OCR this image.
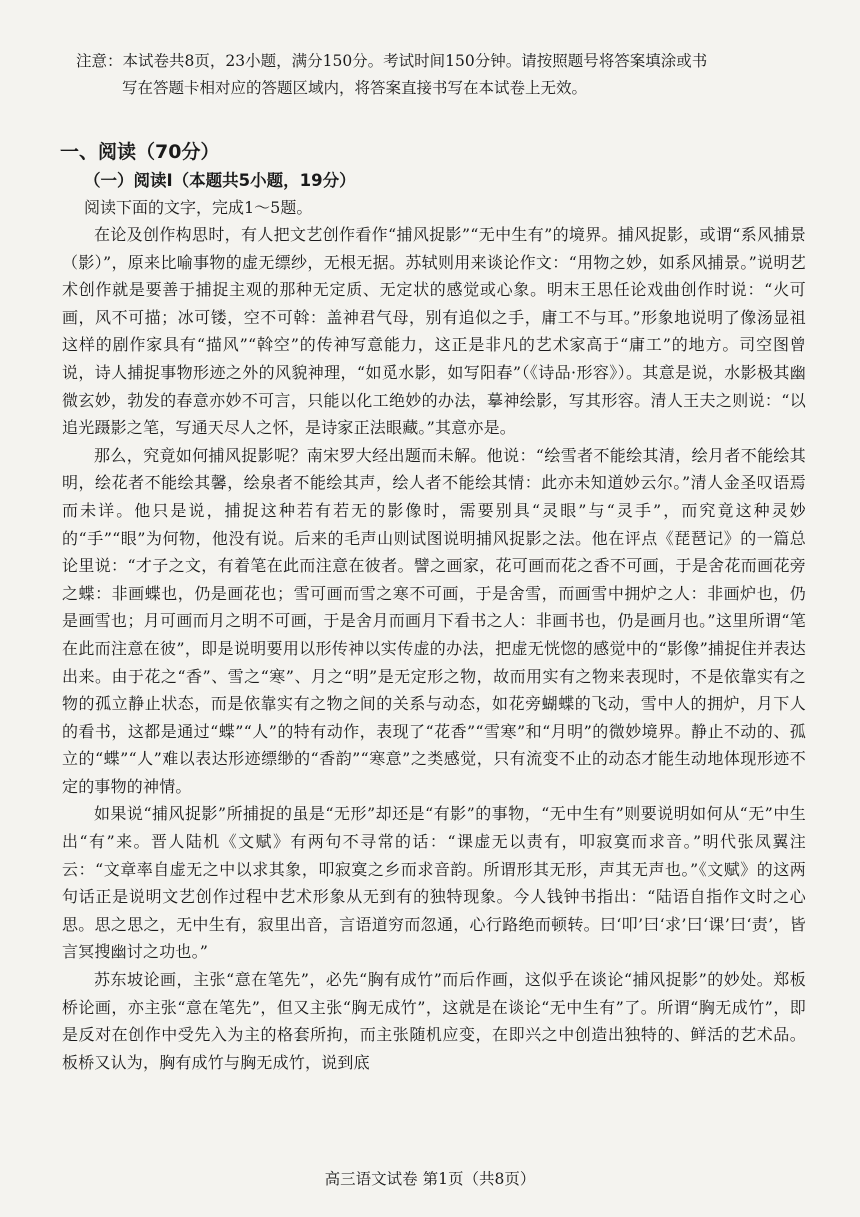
注意：本试卷共8页，23小题，满分150分。考试时间150分钟。请按照题号将答案填涂或书
写在答题卡相对应的答题区域内，将答案直接书写在本试卷上无效。
一、阅读（70分）
（一）阅读Ⅰ（本题共5小题，19分）

阅读下面的文字，完成1～5题。

在论及创作构思时，有人把文艺创作看作“捕风捉影”“无中生有”的境界。捕风捉影，或谓“系风捕景（影）”，原来比喻事物的虚无缥纱，无根无据。苏轼则用来谈论作文：“用物之妙，如系风捕景。”说明艺术创作就是要善于捕捉主观的那种无定质、无定状的感觉或心象。明末王思任论戏曲创作时说：“火可画，风不可描；冰可镂，空不可斡：盖神君气母，别有追似之手，庸工不与耳。”形象地说明了像汤显祖这样的剧作家具有“描风”“斡空”的传神写意能力，这正是非凡的艺术家高于“庸工”的地方。司空图曾说，诗人捕捉事物形迹之外的风貌神理，“如觅水影，如写阳春”（《诗品·形容》）。其意是说，水影极其幽微玄妙，勃发的春意亦妙不可言，只能以化工绝妙的办法，摹神绘影，写其形容。清人王夫之则说：“以追光蹑影之笔，写通天尽人之怀，是诗家正法眼藏。”其意亦是。

那么，究竟如何捕风捉影呢？南宋罗大经出题而未解。他说：“绘雪者不能绘其清，绘月者不能绘其明，绘花者不能绘其馨，绘泉者不能绘其声，绘人者不能绘其情：此亦未知道妙云尔。”清人金圣叹语焉而未详。他只是说，捕捉这种若有若无的影像时，需要别具“灵眼”与“灵手”，而究竟这种灵妙的“手”“眼”为何物，他没有说。后来的毛声山则试图说明捕风捉影之法。他在评点《琵琶记》的一篇总论里说：“才子之文，有着笔在此而注意在彼者。譬之画家，花可画而花之香不可画，于是舍花而画花旁之蝶：非画蝶也，仍是画花也；雪可画而雪之寒不可画，于是舍雪，而画雪中拥炉之人：非画炉也，仍是画雪也；月可画而月之明不可画，于是舍月而画月下看书之人：非画书也，仍是画月也。”这里所谓“笔在此而注意在彼”，即是说明要用以形传神以实传虚的办法，把虚无恍惚的感觉中的“影像”捕捉住并表达出来。由于花之“香”、雪之“寒”、月之“明”是无定形之物，故而用实有之物来表现时，不是依靠实有之物的孤立静止状态，而是依靠实有之物之间的关系与动态，如花旁蝴蝶的飞动，雪中人的拥炉，月下人的看书，这都是通过“蝶”“人”的特有动作，表现了“花香”“雪寒”和“月明”的微妙境界。静止不动的、孤立的“蝶”“人”难以表达形迹缥缈的“香韵”“寒意”之类感觉，只有流变不止的动态才能生动地体现形迹不定的事物的神情。

如果说“捕风捉影”所捕捉的虽是“无形”却还是“有影”的事物，“无中生有”则要说明如何从“无”中生出“有”来。晋人陆机《文赋》有两句不寻常的话：“课虚无以责有，叩寂寞而求音。”明代张凤翼注云：“文章率自虚无之中以求其象，叩寂寞之乡而求音韵。所谓形其无形，声其无声也。”《文赋》的这两句话正是说明文艺创作过程中艺术形象从无到有的独特现象。今人钱钟书指出：“陆语自指作文时之心思。思之思之，无中生有，寂里出音，言语道穷而忽通，心行路绝而顿转。曰‘叩’曰‘求’曰‘课’曰‘责’，皆言冥搜幽讨之功也。”

苏东坡论画，主张“意在笔先”，必先“胸有成竹”而后作画，这似乎在谈论“捕风捉影”的妙处。郑板桥论画，亦主张“意在笔先”，但又主张“胸无成竹”，这就是在谈论“无中生有”了。所谓“胸无成竹”，即是反对在创作中受先入为主的格套所拘，而主张随机应变，在即兴之中创造出独特的、鲜活的艺术品。板桥又认为，胸有成竹与胸无成竹，说到底

高三语文试卷 第1页（共8页）
